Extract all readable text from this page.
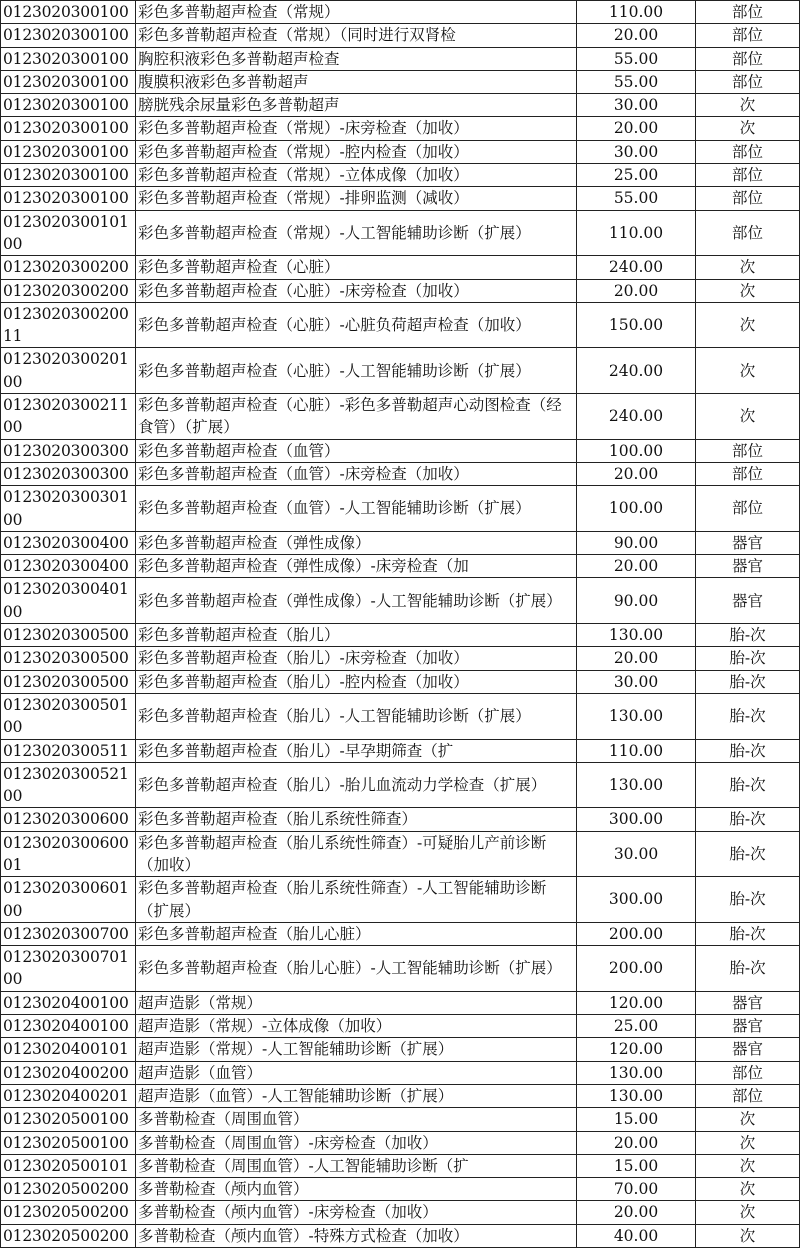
0123020300100	彩色多普勒超声检查（常规）	110.00	部位
0123020300100	彩色多普勒超声检查（常规）（同时进行双肾检	20.00	部位
0123020300100	胸腔积液彩色多普勒超声检查	55.00	部位
0123020300100	腹膜积液彩色多普勒超声	55.00	部位
0123020300100	膀胱残余尿量彩色多普勒超声	30.00	次
0123020300100	彩色多普勒超声检查（常规）-床旁检查（加收）	20.00	次
0123020300100	彩色多普勒超声检查（常规）-腔内检查（加收）	30.00	部位
0123020300100	彩色多普勒超声检查（常规）-立体成像（加收）	25.00	部位
0123020300100	彩色多普勒超声检查（常规）-排卵监测（减收）	55.00	部位
012302030010100	彩色多普勒超声检查（常规）-人工智能辅助诊断（扩展）	110.00	部位
0123020300200	彩色多普勒超声检查（心脏）	240.00	次
0123020300200	彩色多普勒超声检查（心脏）-床旁检查（加收）	20.00	次
012302030020011	彩色多普勒超声检查（心脏）-心脏负荷超声检查（加收）	150.00	次
012302030020100	彩色多普勒超声检查（心脏）-人工智能辅助诊断（扩展）	240.00	次
012302030021100	彩色多普勒超声检查（心脏）-彩色多普勒超声心动图检查（经食管）（扩展）	240.00	次
0123020300300	彩色多普勒超声检查（血管）	100.00	部位
0123020300300	彩色多普勒超声检查（血管）-床旁检查（加收）	20.00	部位
012302030030100	彩色多普勒超声检查（血管）-人工智能辅助诊断（扩展）	100.00	部位
0123020300400	彩色多普勒超声检查（弹性成像）	90.00	器官
0123020300400	彩色多普勒超声检查（弹性成像）-床旁检查（加	20.00	器官
012302030040100	彩色多普勒超声检查（弹性成像）-人工智能辅助诊断（扩展）	90.00	器官
0123020300500	彩色多普勒超声检查（胎儿）	130.00	胎-次
0123020300500	彩色多普勒超声检查（胎儿）-床旁检查（加收）	20.00	胎-次
0123020300500	彩色多普勒超声检查（胎儿）-腔内检查（加收）	30.00	胎-次
012302030050100	彩色多普勒超声检查（胎儿）-人工智能辅助诊断（扩展）	130.00	胎-次
0123020300511	彩色多普勒超声检查（胎儿）-早孕期筛查（扩	110.00	胎-次
012302030052100	彩色多普勒超声检查（胎儿）-胎儿血流动力学检查（扩展）	130.00	胎-次
0123020300600	彩色多普勒超声检查（胎儿系统性筛查）	300.00	胎-次
012302030060001	彩色多普勒超声检查（胎儿系统性筛查）-可疑胎儿产前诊断（加收）	30.00	胎-次
012302030060100	彩色多普勒超声检查（胎儿系统性筛查）-人工智能辅助诊断（扩展）	300.00	胎-次
0123020300700	彩色多普勒超声检查（胎儿心脏）	200.00	胎-次
012302030070100	彩色多普勒超声检查（胎儿心脏）-人工智能辅助诊断（扩展）	200.00	胎-次
0123020400100	超声造影（常规）	120.00	器官
0123020400100	超声造影（常规）-立体成像（加收）	25.00	器官
0123020400101	超声造影（常规）-人工智能辅助诊断（扩展）	120.00	器官
0123020400200	超声造影（血管）	130.00	部位
0123020400201	超声造影（血管）-人工智能辅助诊断（扩展）	130.00	部位
0123020500100	多普勒检查（周围血管）	15.00	次
0123020500100	多普勒检查（周围血管）-床旁检查（加收）	20.00	次
0123020500101	多普勒检查（周围血管）-人工智能辅助诊断（扩	15.00	次
0123020500200	多普勒检查（颅内血管）	70.00	次
0123020500200	多普勒检查（颅内血管）-床旁检查（加收）	20.00	次
0123020500200	多普勒检查（颅内血管）-特殊方式检查（加收）	40.00	次
